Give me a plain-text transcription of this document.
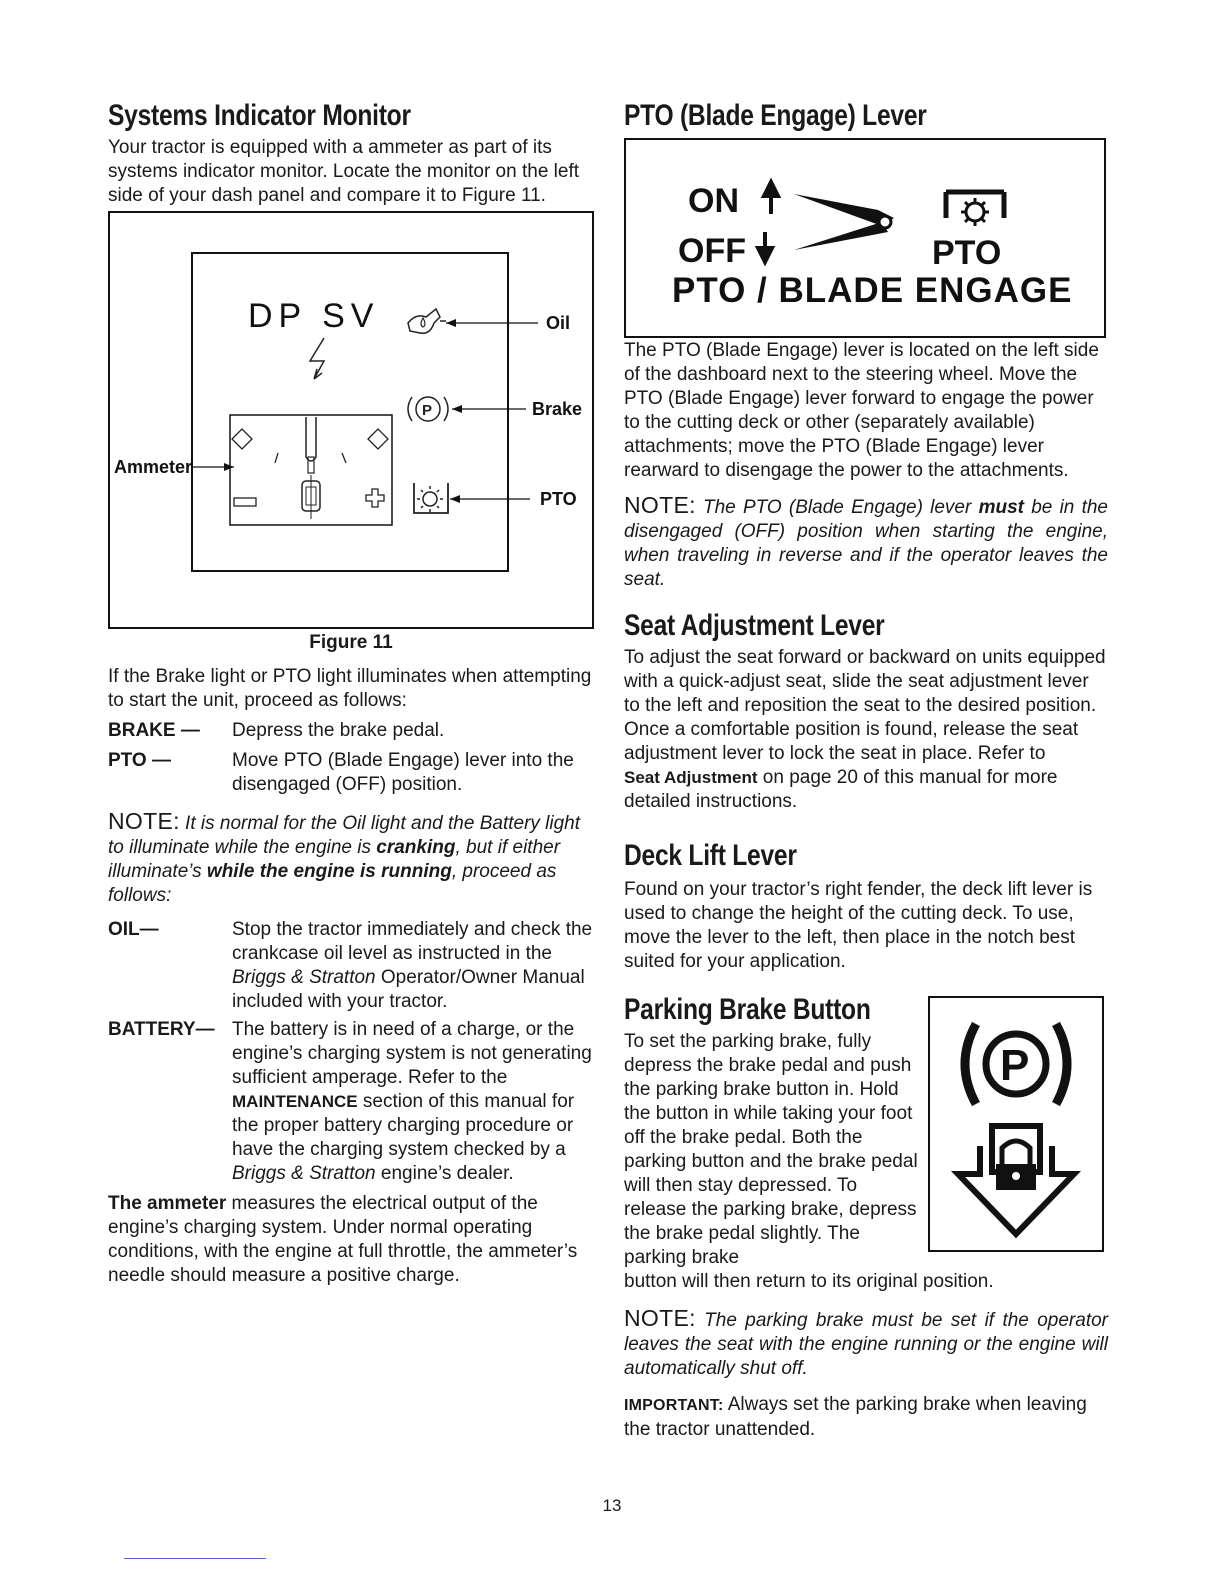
Systems Indicator Monitor

Your tractor is equipped with a ammeter as part of its systems indicator monitor. Locate the monitor on the left side of your dash panel and compare it to Figure 11.

DP SV	Oil
P	Brake
PTO
Ammeter
Figure 11

If the Brake light or PTO light illuminates when attempting to start the unit, proceed as follows:

BRAKE —	Depress the brake pedal.
PTO —	Move PTO (Blade Engage) lever into the disengaged (OFF) position.

NOTE: It is normal for the Oil light and the Battery light to illuminate while the engine is cranking, but if either illuminate’s while the engine is running, proceed as follows:

OIL—	Stop the tractor immediately and check the crankcase oil level as instructed in the Briggs & Stratton Operator/Owner Manual included with your tractor.
BATTERY— The battery is in need of a charge, or the engine’s charging system is not generating sufficient amperage. Refer to the MAINTENANCE section of this manual for the proper battery charging procedure or have the charging system checked by a Briggs & Stratton engine’s dealer.

The ammeter measures the electrical output of the engine’s charging system. Under normal operating conditions, with the engine at full throttle, the ammeter’s needle should measure a positive charge.

PTO (Blade Engage) Lever
ON
OFF	PTO
PTO / BLADE ENGAGE

The PTO (Blade Engage) lever is located on the left side of the dashboard next to the steering wheel. Move the PTO (Blade Engage) lever forward to engage the power to the cutting deck or other (separately available) attachments; move the PTO (Blade Engage) lever rearward to disengage the power to the attachments.

NOTE: The PTO (Blade Engage) lever must be in the disengaged (OFF) position when starting the engine, when traveling in reverse and if the operator leaves the seat.

Seat Adjustment Lever

To adjust the seat forward or backward on units equipped with a quick-adjust seat, slide the seat adjustment lever to the left and reposition the seat to the desired position. Once a comfortable position is found, release the seat adjustment lever to lock the seat in place. Refer to Seat Adjustment on page 20 of this manual for more detailed instructions.

Deck Lift Lever

Found on your tractor’s right fender, the deck lift lever is used to change the height of the cutting deck. To use, move the lever to the left, then place in the notch best suited for your application.

P
Parking Brake Button

To set the parking brake, fully depress the brake pedal and push the parking brake button in. Hold the button in while taking your foot off the brake pedal. Both the parking button and the brake pedal will then stay depressed. To release the parking brake, depress the brake pedal slightly. The parking brake

button will then return to its original position.

NOTE: The parking brake must be set if the operator leaves the seat with the engine running or the engine will automatically shut off.

IMPORTANT: Always set the parking brake when leaving the tractor unattended.

13
